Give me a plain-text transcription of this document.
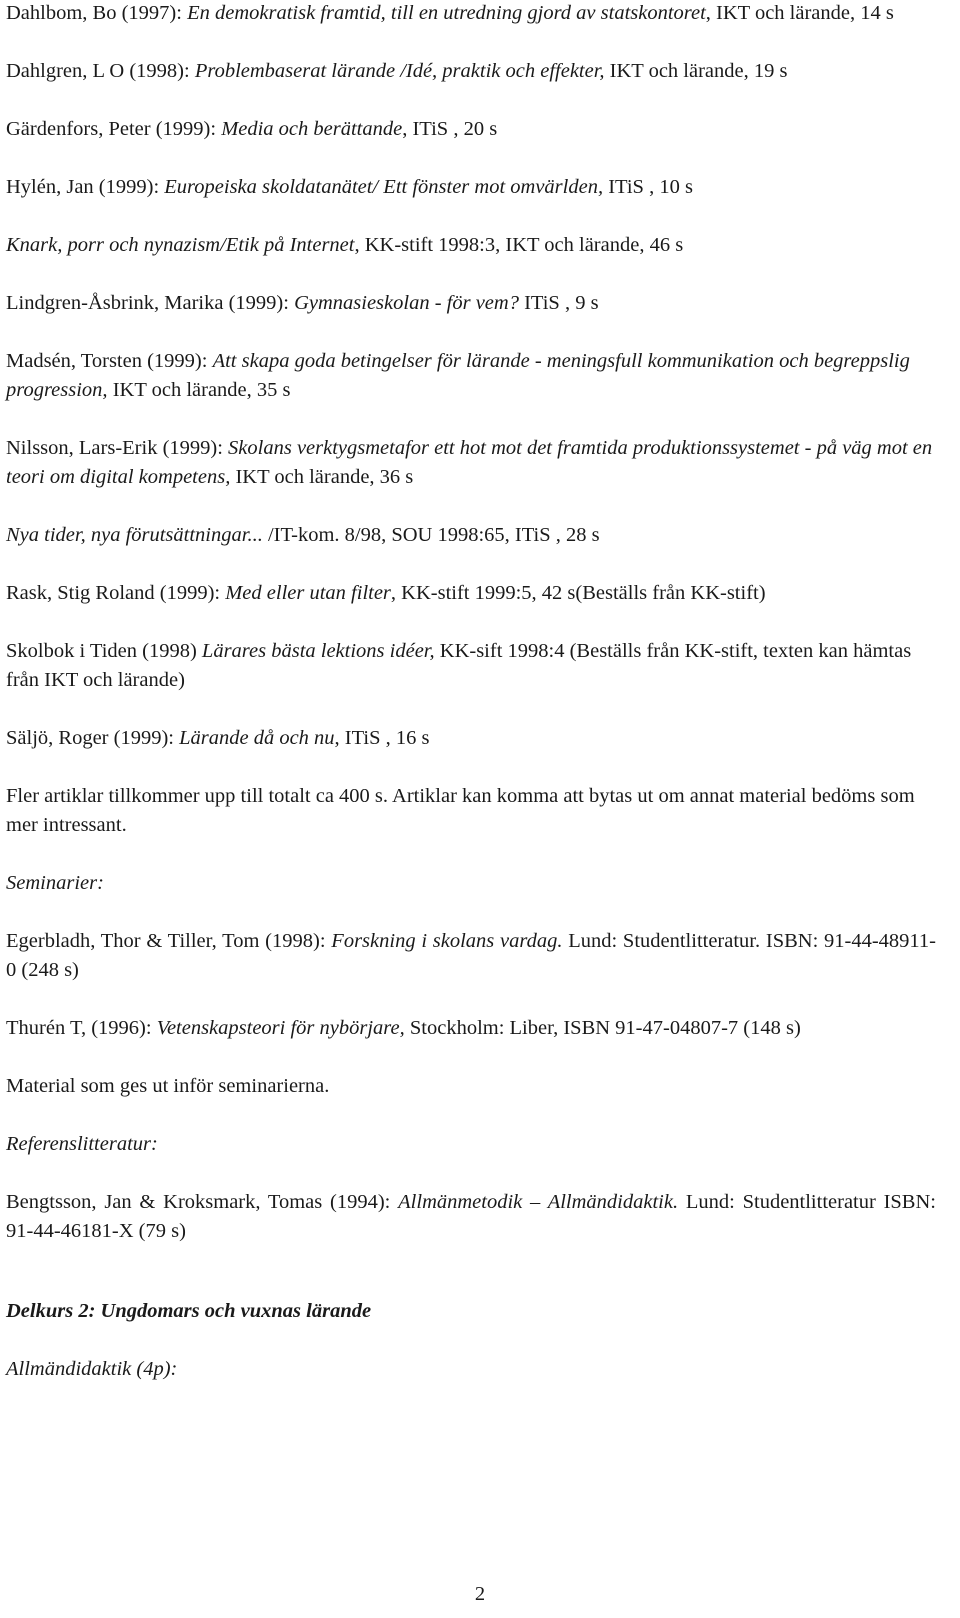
Dahlbom, Bo (1997): En demokratisk framtid, till en utredning gjord av statskontoret, IKT och lärande, 14 s

Dahlgren, L O (1998): Problembaserat lärande /Idé, praktik och effekter, IKT och lärande, 19 s

Gärdenfors, Peter (1999): Media och berättande, ITiS , 20 s

Hylén, Jan (1999): Europeiska skoldatanätet/ Ett fönster mot omvärlden, ITiS , 10 s

Knark, porr och nynazism/Etik på Internet, KK-stift 1998:3, IKT och lärande, 46 s

Lindgren-Åsbrink, Marika (1999): Gymnasieskolan - för vem? ITiS , 9 s

Madsén, Torsten (1999): Att skapa goda betingelser för lärande - meningsfull kommunikation och begreppslig progression, IKT och lärande, 35 s

Nilsson, Lars-Erik (1999): Skolans verktygsmetafor ett hot mot det framtida produktionssystemet - på väg mot en teori om digital kompetens, IKT och lärande, 36 s

Nya tider, nya förutsättningar... /IT-kom. 8/98, SOU 1998:65, ITiS , 28 s

Rask, Stig Roland (1999): Med eller utan filter, KK-stift 1999:5, 42 s(Beställs från KK-stift)

Skolbok i Tiden (1998) Lärares bästa lektions idéer, KK-sift 1998:4 (Beställs från KK-stift, texten kan hämtas från IKT och lärande)

Säljö, Roger (1999): Lärande då och nu, ITiS , 16 s

Fler artiklar tillkommer upp till totalt ca 400 s. Artiklar kan komma att bytas ut om annat material bedöms som mer intressant.

Seminarier:

Egerbladh, Thor & Tiller, Tom (1998): Forskning i skolans vardag. Lund: Studentlitteratur. ISBN: 91-44-48911-0 (248 s)

Thurén T, (1996): Vetenskapsteori för nybörjare, Stockholm: Liber, ISBN 91-47-04807-7 (148 s)

Material som ges ut inför seminarierna.

Referenslitteratur:

Bengtsson, Jan & Kroksmark, Tomas (1994): Allmänmetodik – Allmändidaktik. Lund: Studentlitteratur ISBN: 91-44-46181-X (79 s)

Delkurs 2: Ungdomars och vuxnas lärande

Allmändidaktik (4p):

2
